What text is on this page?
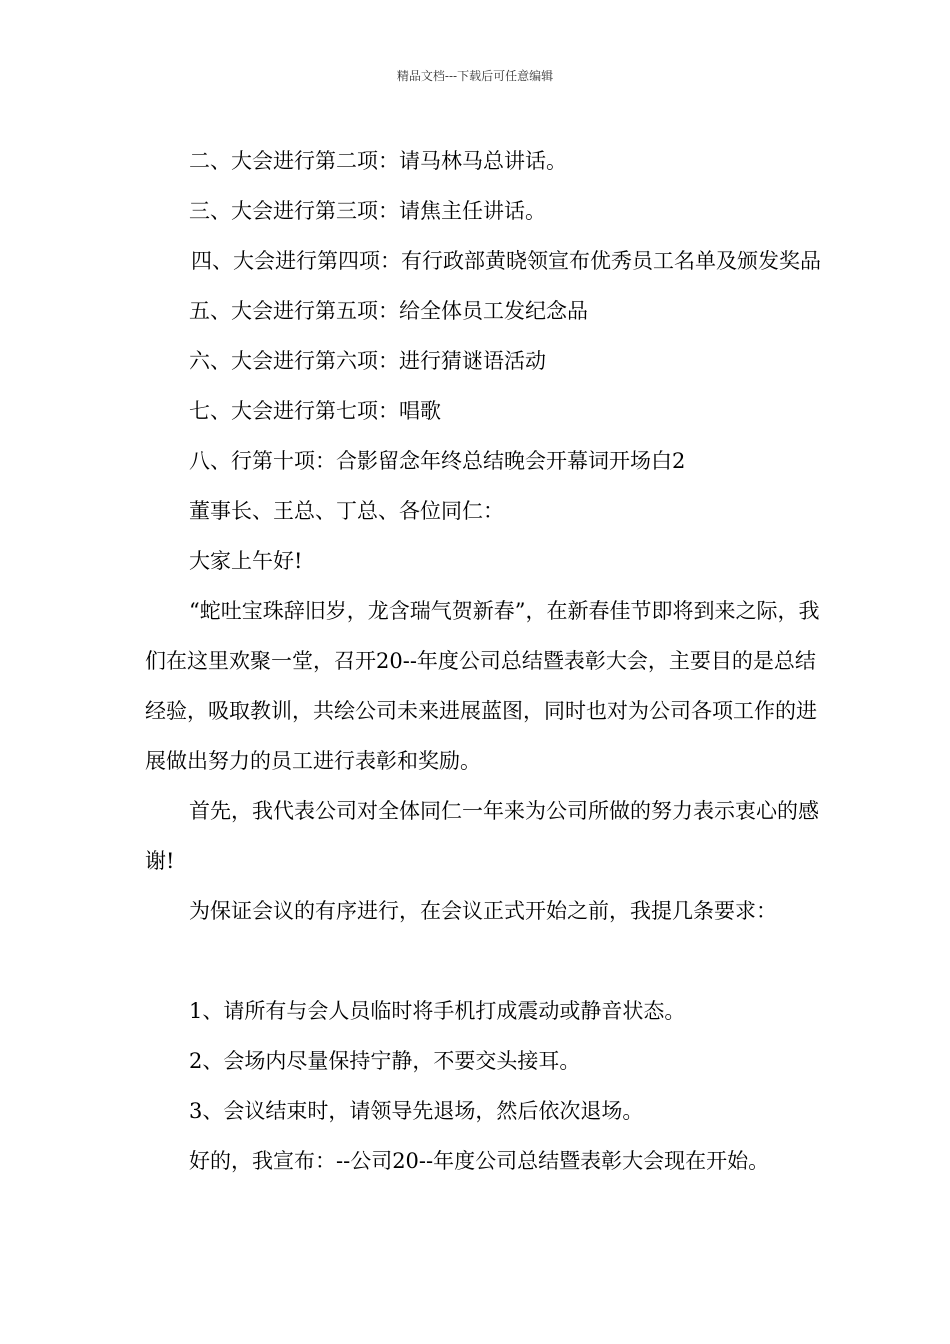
精品文档---下载后可任意编辑

二、大会进行第二项：请马林马总讲话。

三、大会进行第三项：请焦主任讲话。

四、大会进行第四项：有行政部黄晓领宣布优秀员工名单及颁发奖品

五、大会进行第五项：给全体员工发纪念品

六、大会进行第六项：进行猜谜语活动

七、大会进行第七项：唱歌

八、行第十项：合影留念年终总结晚会开幕词开场白2

董事长、王总、丁总、各位同仁：

大家上午好!

“蛇吐宝珠辞旧岁，龙含瑞气贺新春”，在新春佳节即将到来之际，我们在这里欢聚一堂，召开20--年度公司总结暨表彰大会，主要目的是总结经验，吸取教训，共绘公司未来进展蓝图，同时也对为公司各项工作的进展做出努力的员工进行表彰和奖励。

首先，我代表公司对全体同仁一年来为公司所做的努力表示衷心的感谢!

为保证会议的有序进行，在会议正式开始之前，我提几条要求：

1、请所有与会人员临时将手机打成震动或静音状态。

2、会场内尽量保持宁静，不要交头接耳。

3、会议结束时，请领导先退场，然后依次退场。

好的，我宣布：--公司20--年度公司总结暨表彰大会现在开始。
